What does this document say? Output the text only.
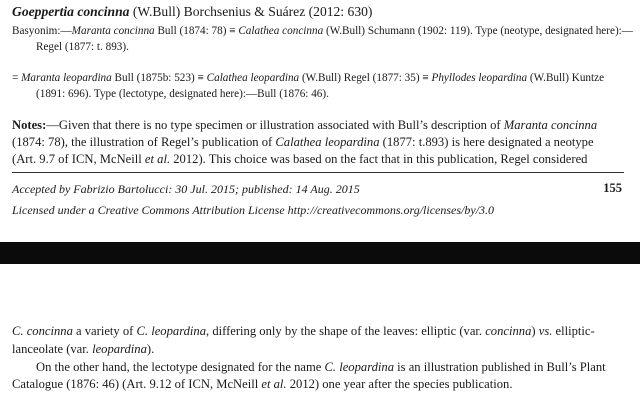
Goeppertia concinna (W.Bull) Borchsenius & Suárez (2012: 630)
Basyonim:—Maranta concinna Bull (1874: 78) ≡ Calathea concinna (W.Bull) Schumann (1902: 119). Type (neotype, designated here):—
Regel (1877: t. 893).
= Maranta leopardina Bull (1875b: 523) ≡ Calathea leopardina (W.Bull) Regel (1877: 35) ≡ Phyllodes leopardina (W.Bull) Kuntze
(1891: 696). Type (lectotype, designated here):—Bull (1876: 46).
Notes:—Given that there is no type specimen or illustration associated with Bull’s description of Maranta concinna
(1874: 78), the illustration of Regel’s publication of Calathea leopardina (1877: t.893) is here designated a neotype
(Art. 9.7 of ICN, McNeill et al. 2012). This choice was based on the fact that in this publication, Regel considered
Accepted by Fabrizio Bartolucci: 30 Jul. 2015; published: 14 Aug. 2015	155
Licensed under a Creative Commons Attribution License http://creativecommons.org/licenses/by/3.0
C. concinna a variety of C. leopardina, differing only by the shape of the leaves: elliptic (var. concinna) vs. elliptic-
lanceolate (var. leopardina).
On the other hand, the lectotype designated for the name C. leopardina is an illustration published in Bull’s Plant
Catalogue (1876: 46) (Art. 9.12 of ICN, McNeill et al. 2012) one year after the species publication.
